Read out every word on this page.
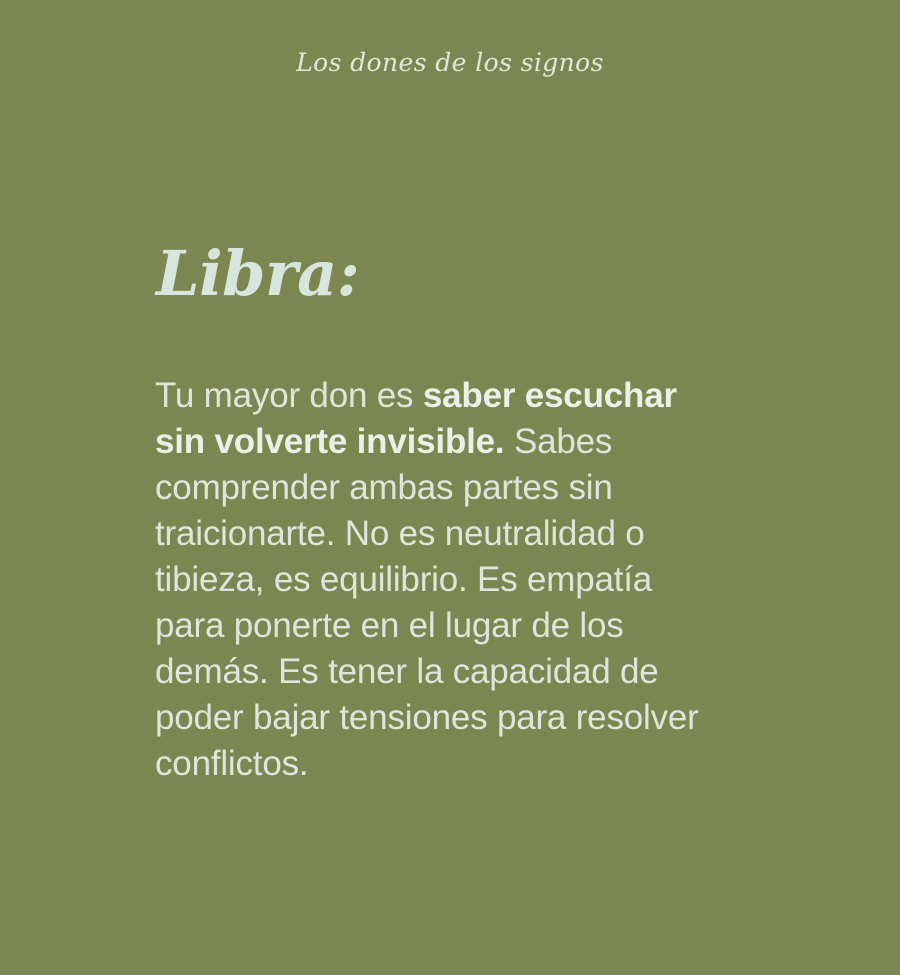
Los dones de los signos
Libra:
Tu mayor don es saber escuchar sin volverte invisible. Sabes comprender ambas partes sin traicionarte. No es neutralidad o tibieza, es equilibrio. Es empatía para ponerte en el lugar de los demás. Es tener la capacidad de poder bajar tensiones para resolver conflictos.
